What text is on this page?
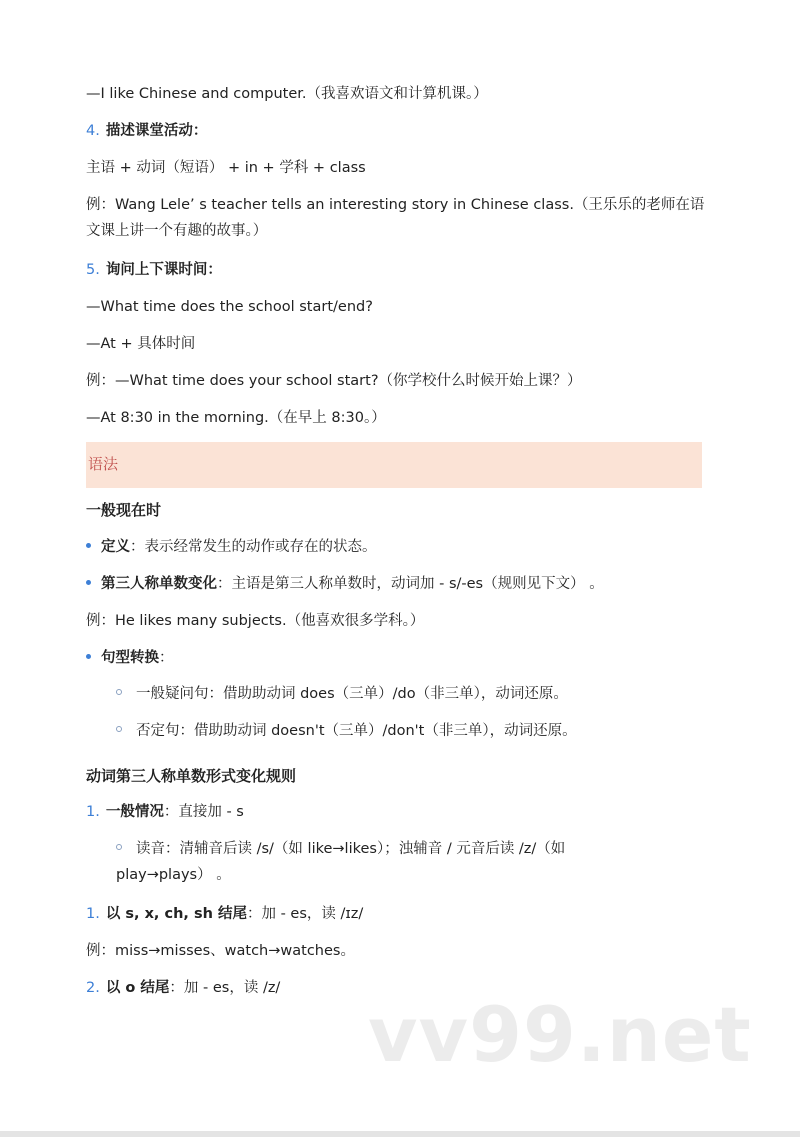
—I like Chinese and computer.（我喜欢语文和计算机课。）
4. 描述课堂活动：
主语 + 动词（短语） + in + 学科 + class
例：Wang Lele’ s teacher tells an interesting story in Chinese class.（王乐乐的老师在语文课上讲一个有趣的故事。）
5. 询问上下课时间：
—What time does the school start/end?
—At + 具体时间
例：—What time does your school start?（你学校什么时候开始上课？）
—At 8:30 in the morning.（在早上 8:30。）
语法
一般现在时
定义：表示经常发生的动作或存在的状态。
第三人称单数变化：主语是第三人称单数时，动词加 - s/-es（规则见下文） 。
例：He likes many subjects.（他喜欢很多学科。）
句型转换：
一般疑问句：借助助动词 does（三单）/do（非三单），动词还原。
否定句：借助助动词 doesn't（三单）/don't（非三单），动词还原。
动词第三人称单数形式变化规则
1. 一般情况：直接加 - s
读音：清辅音后读 /s/（如 like→likes）；浊辅音 / 元音后读 /z/（如 play→plays） 。
1. 以 s, x, ch, sh 结尾：加 - es，读 /ɪz/
例：miss→misses、watch→watches。
2. 以 o 结尾：加 - es，读 /z/
vv99.net
